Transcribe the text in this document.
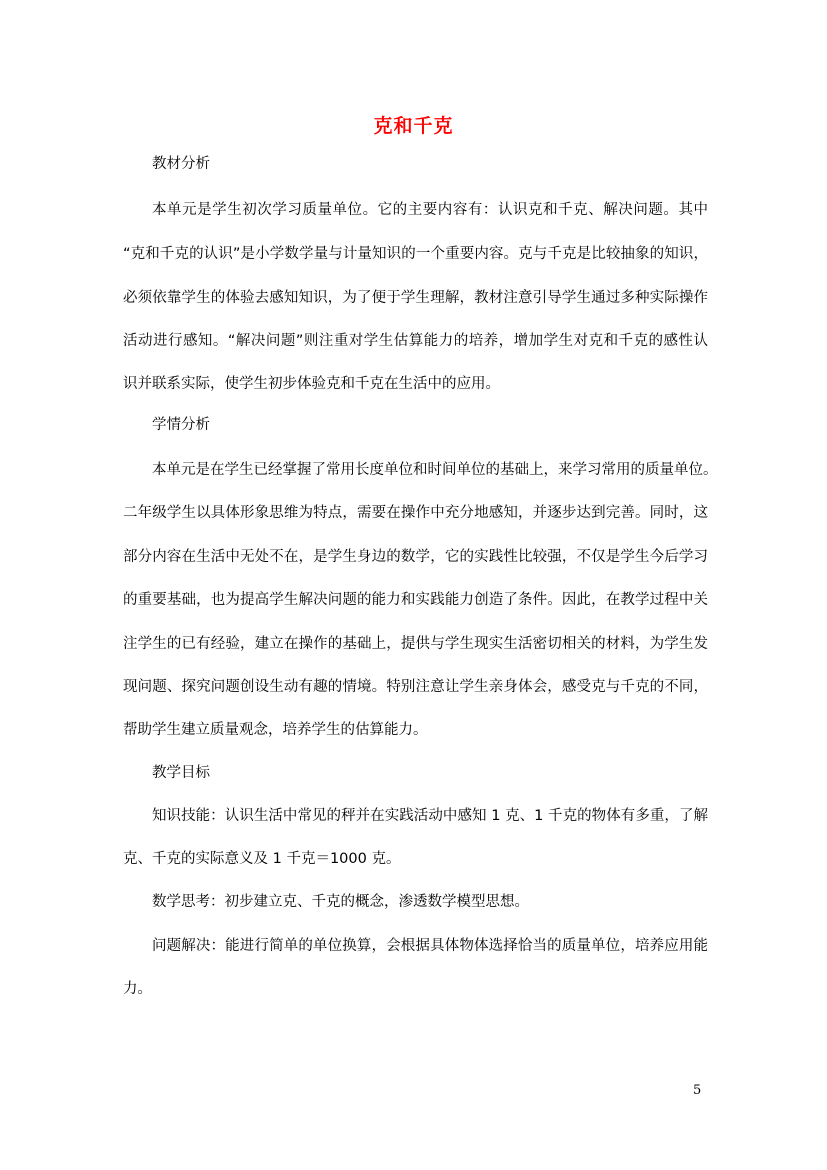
克和千克
教材分析
本单元是学生初次学习质量单位。它的主要内容有：认识克和千克、解决问题。其中
“克和千克的认识”是小学数学量与计量知识的一个重要内容。克与千克是比较抽象的知识，
必须依靠学生的体验去感知知识，为了便于学生理解，教材注意引导学生通过多种实际操作
活动进行感知。“解决问题”则注重对学生估算能力的培养，增加学生对克和千克的感性认
识并联系实际，使学生初步体验克和千克在生活中的应用。
学情分析
本单元是在学生已经掌握了常用长度单位和时间单位的基础上，来学习常用的质量单位。
二年级学生以具体形象思维为特点，需要在操作中充分地感知，并逐步达到完善。同时，这
部分内容在生活中无处不在，是学生身边的数学，它的实践性比较强，不仅是学生今后学习
的重要基础，也为提高学生解决问题的能力和实践能力创造了条件。因此，在教学过程中关
注学生的已有经验，建立在操作的基础上，提供与学生现实生活密切相关的材料，为学生发
现问题、探究问题创设生动有趣的情境。特别注意让学生亲身体会，感受克与千克的不同，
帮助学生建立质量观念，培养学生的估算能力。
教学目标
知识技能：认识生活中常见的秤并在实践活动中感知 1 克、1 千克的物体有多重，了解
克、千克的实际意义及 1 千克＝1000 克。
数学思考：初步建立克、千克的概念，渗透数学模型思想。
问题解决：能进行简单的单位换算，会根据具体物体选择恰当的质量单位，培养应用能
力。
5
